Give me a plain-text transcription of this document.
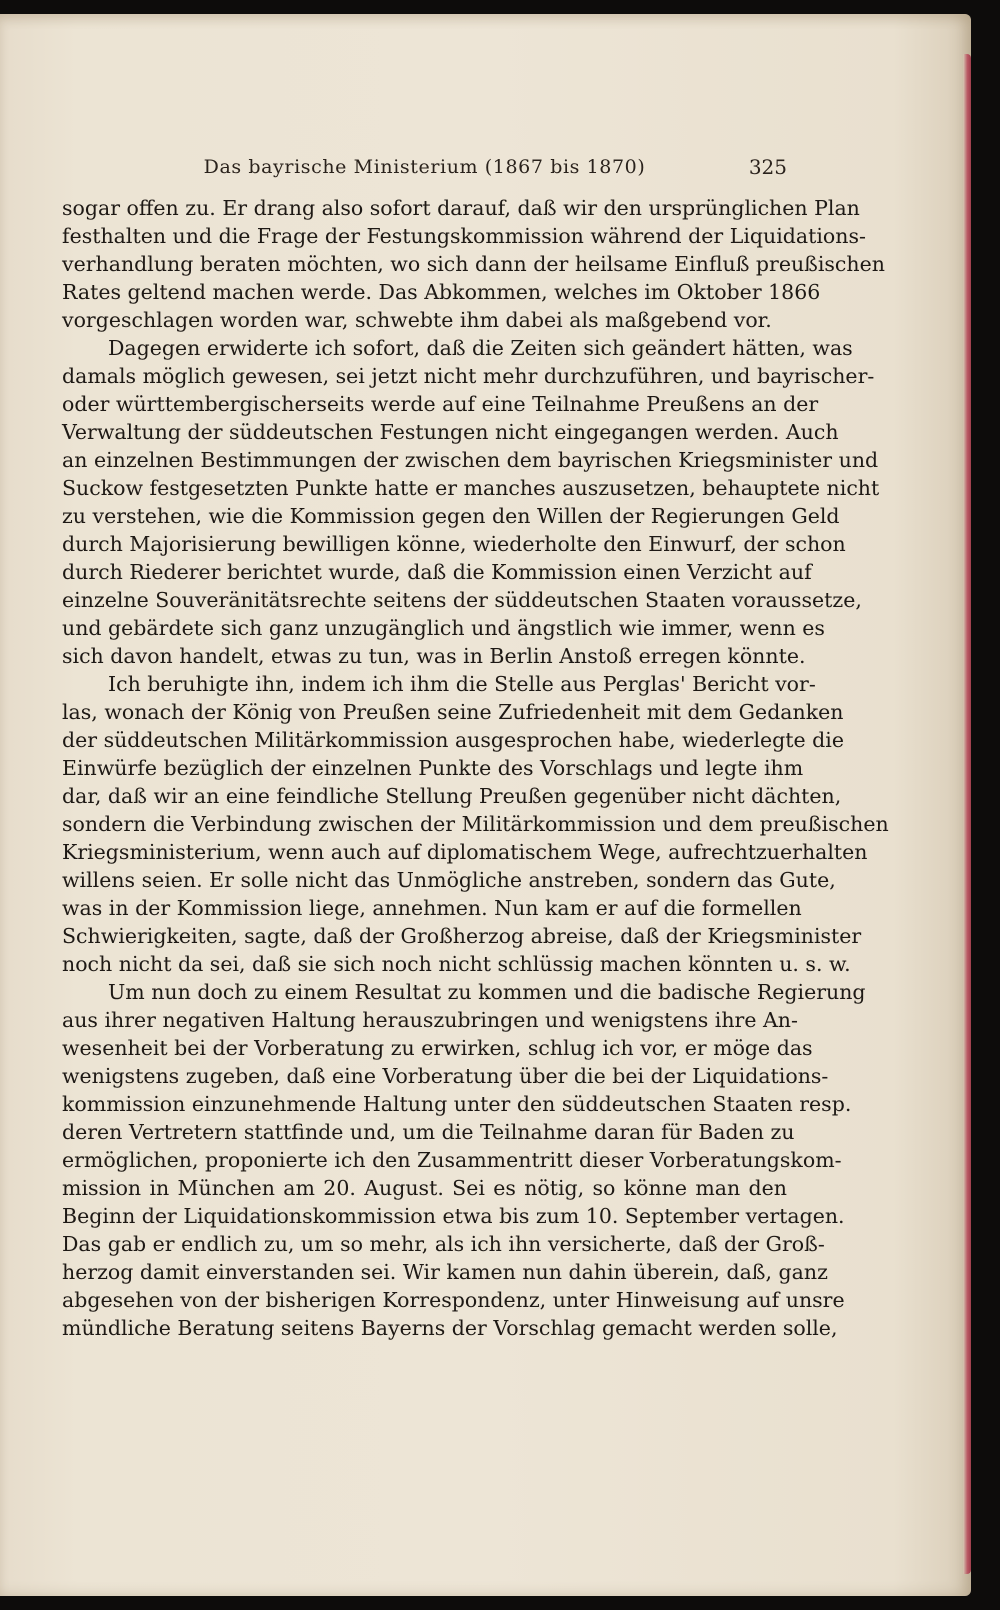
Das bayrische Ministerium (1867 bis 1870)	325
sogar offen zu. Er drang also sofort darauf, daß wir den ursprünglichen Plan
festhalten und die Frage der Festungskommission während der Liquidations-
verhandlung beraten möchten, wo sich dann der heilsame Einfluß preußischen
Rates geltend machen werde. Das Abkommen, welches im Oktober 1866
vorgeschlagen worden war, schwebte ihm dabei als maßgebend vor.
Dagegen erwiderte ich sofort, daß die Zeiten sich geändert hätten, was
damals möglich gewesen, sei jetzt nicht mehr durchzuführen, und bayrischer-
oder württembergischerseits werde auf eine Teilnahme Preußens an der
Verwaltung der süddeutschen Festungen nicht eingegangen werden. Auch
an einzelnen Bestimmungen der zwischen dem bayrischen Kriegsminister und
Suckow festgesetzten Punkte hatte er manches auszusetzen, behauptete nicht
zu verstehen, wie die Kommission gegen den Willen der Regierungen Geld
durch Majorisierung bewilligen könne, wiederholte den Einwurf, der schon
durch Riederer berichtet wurde, daß die Kommission einen Verzicht auf
einzelne Souveränitätsrechte seitens der süddeutschen Staaten voraussetze,
und gebärdete sich ganz unzugänglich und ängstlich wie immer, wenn es
sich davon handelt, etwas zu tun, was in Berlin Anstoß erregen könnte.
Ich beruhigte ihn, indem ich ihm die Stelle aus Perglas' Bericht vor-
las, wonach der König von Preußen seine Zufriedenheit mit dem Gedanken
der süddeutschen Militärkommission ausgesprochen habe, wiederlegte die
Einwürfe bezüglich der einzelnen Punkte des Vorschlags und legte ihm
dar, daß wir an eine feindliche Stellung Preußen gegenüber nicht dächten,
sondern die Verbindung zwischen der Militärkommission und dem preußischen
Kriegsministerium, wenn auch auf diplomatischem Wege, aufrechtzuerhalten
willens seien. Er solle nicht das Unmögliche anstreben, sondern das Gute,
was in der Kommission liege, annehmen. Nun kam er auf die formellen
Schwierigkeiten, sagte, daß der Großherzog abreise, daß der Kriegsminister
noch nicht da sei, daß sie sich noch nicht schlüssig machen könnten u. s. w.
Um nun doch zu einem Resultat zu kommen und die badische Regierung
aus ihrer negativen Haltung herauszubringen und wenigstens ihre An-
wesenheit bei der Vorberatung zu erwirken, schlug ich vor, er möge das
wenigstens zugeben, daß eine Vorberatung über die bei der Liquidations-
kommission einzunehmende Haltung unter den süddeutschen Staaten resp.
deren Vertretern stattfinde und, um die Teilnahme daran für Baden zu
ermöglichen, proponierte ich den Zusammentritt dieser Vorberatungskom-
mission in München am 20. August. Sei es nötig, so könne man den
Beginn der Liquidationskommission etwa bis zum 10. September vertagen.
Das gab er endlich zu, um so mehr, als ich ihn versicherte, daß der Groß-
herzog damit einverstanden sei. Wir kamen nun dahin überein, daß, ganz
abgesehen von der bisherigen Korrespondenz, unter Hinweisung auf unsre
mündliche Beratung seitens Bayerns der Vorschlag gemacht werden solle,
